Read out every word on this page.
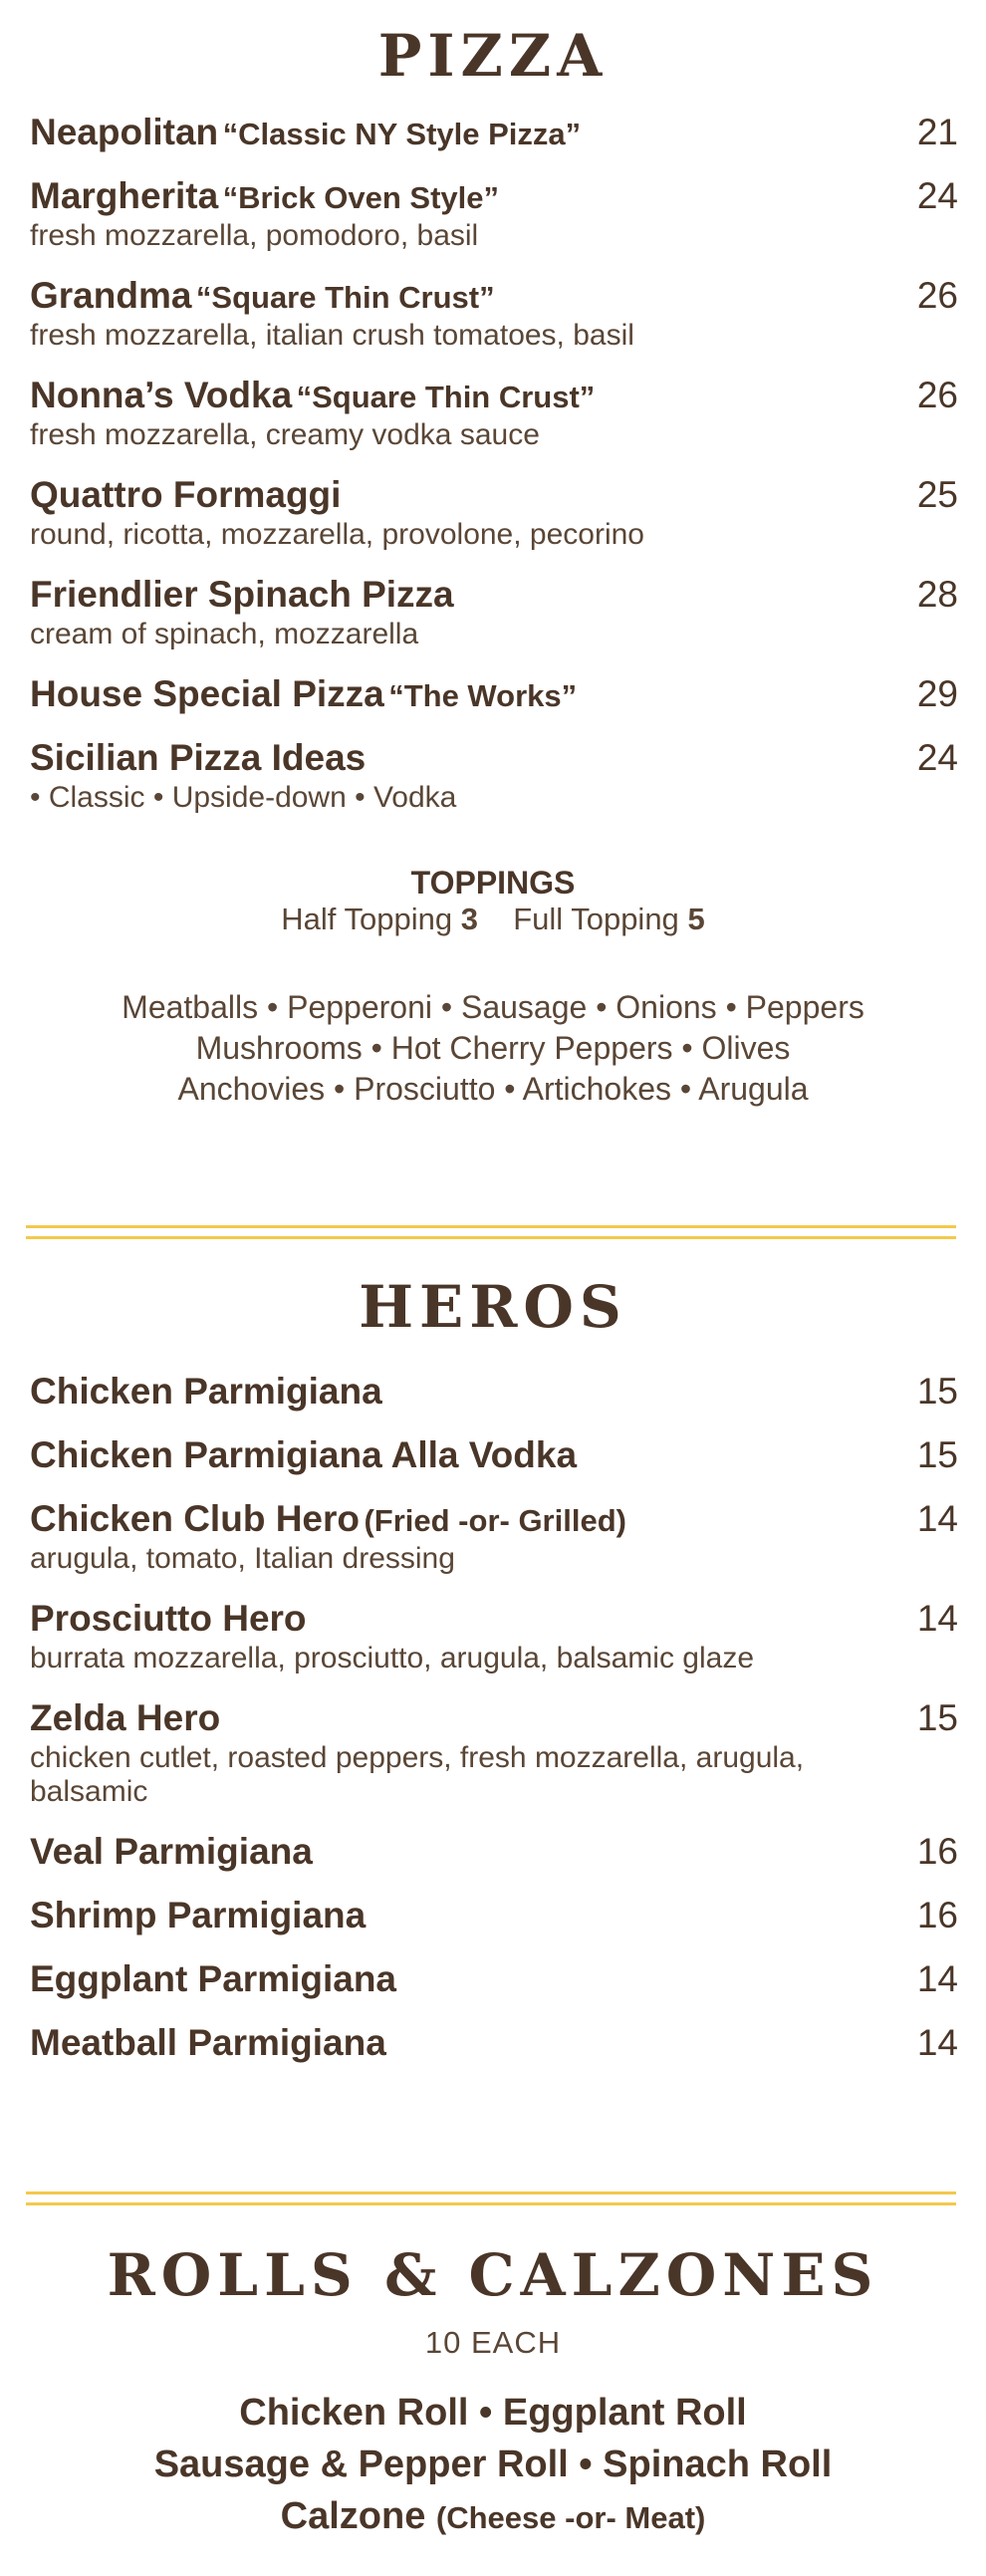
PIZZA
Neapolitan “Classic NY Style Pizza”	21
Margherita “Brick Oven Style”	24
fresh mozzarella, pomodoro, basil
Grandma “Square Thin Crust”	26
fresh mozzarella, italian crush tomatoes, basil
Nonna’s Vodka “Square Thin Crust”	26
fresh mozzarella, creamy vodka sauce
Quattro Formaggi	25
round, ricotta, mozzarella, provolone, pecorino
Friendlier Spinach Pizza	28
cream of spinach, mozzarella
House Special Pizza “The Works”	29
Sicilian Pizza Ideas	24
• Classic • Upside-down • Vodka
TOPPINGS
Half Topping 3 Full Topping 5
Meatballs • Pepperoni • Sausage • Onions • Peppers
Mushrooms • Hot Cherry Peppers • Olives
Anchovies • Prosciutto • Artichokes • Arugula
HEROS
Chicken Parmigiana	15
Chicken Parmigiana Alla Vodka	15
Chicken Club Hero (Fried -or- Grilled)	14
arugula, tomato, Italian dressing
Prosciutto Hero	14
burrata mozzarella, prosciutto, arugula, balsamic glaze
Zelda Hero	15
chicken cutlet, roasted peppers, fresh mozzarella, arugula, balsamic
Veal Parmigiana	16
Shrimp Parmigiana	16
Eggplant Parmigiana	14
Meatball Parmigiana	14
ROLLS & CALZONES
10 EACH
Chicken Roll • Eggplant Roll
Sausage & Pepper Roll • Spinach Roll
Calzone (Cheese -or- Meat)
